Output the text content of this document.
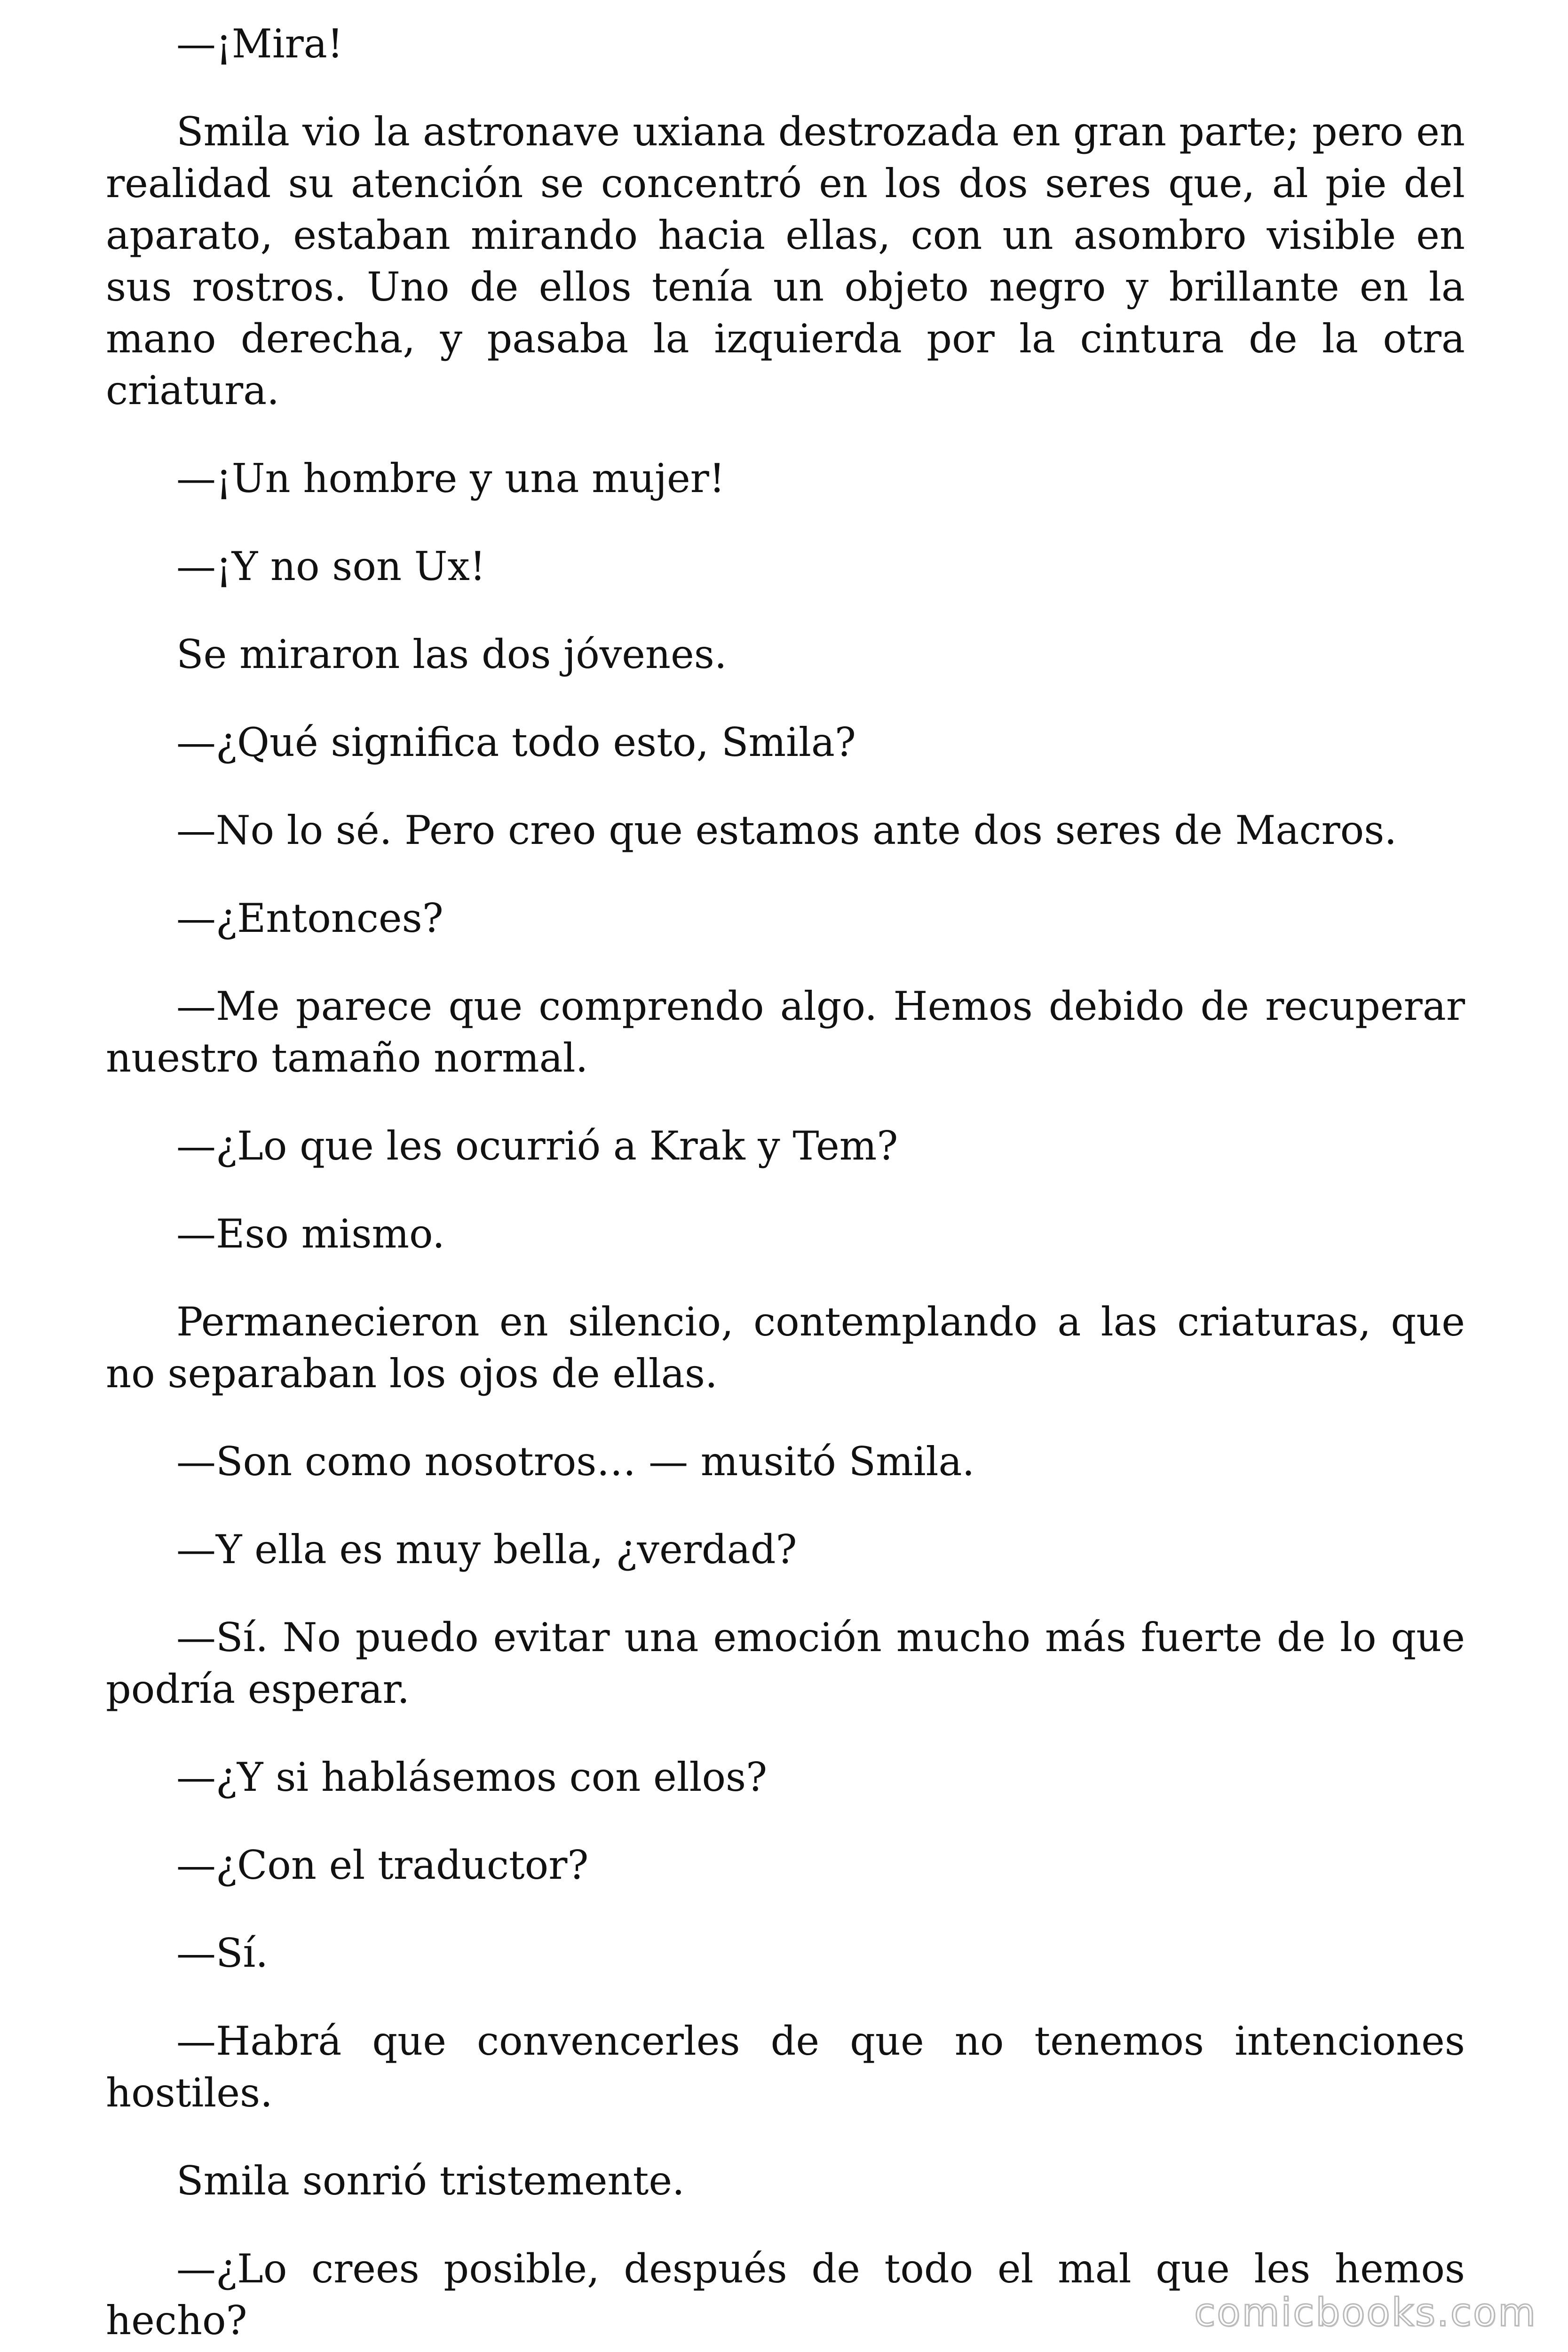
—¡Mira!

Smila vio la astronave uxiana destrozada en gran parte; pero en realidad su atención se concentró en los dos seres que, al pie del aparato, estaban mirando hacia ellas, con un asombro visible en sus rostros. Uno de ellos tenía un objeto negro y brillante en la mano derecha, y pasaba la izquierda por la cintura de la otra criatura.

—¡Un hombre y una mujer!

—¡Y no son Ux!

Se miraron las dos jóvenes.

—¿Qué significa todo esto, Smila?

—No lo sé. Pero creo que estamos ante dos seres de Macros.

—¿Entonces?

—Me parece que comprendo algo. Hemos debido de recuperar nuestro tamaño normal.

—¿Lo que les ocurrió a Krak y Tem?

—Eso mismo.

Permanecieron en silencio, contemplando a las criaturas, que no separaban los ojos de ellas.

—Son como nosotros… — musitó Smila.

—Y ella es muy bella, ¿verdad?

—Sí. No puedo evitar una emoción mucho más fuerte de lo que podría esperar.

—¿Y si hablásemos con ellos?

—¿Con el traductor?

—Sí.

—Habrá que convencerles de que no tenemos intenciones hostiles.

Smila sonrió tristemente.

—¿Lo crees posible, después de todo el mal que les hemos hecho?	comicbooks.com
